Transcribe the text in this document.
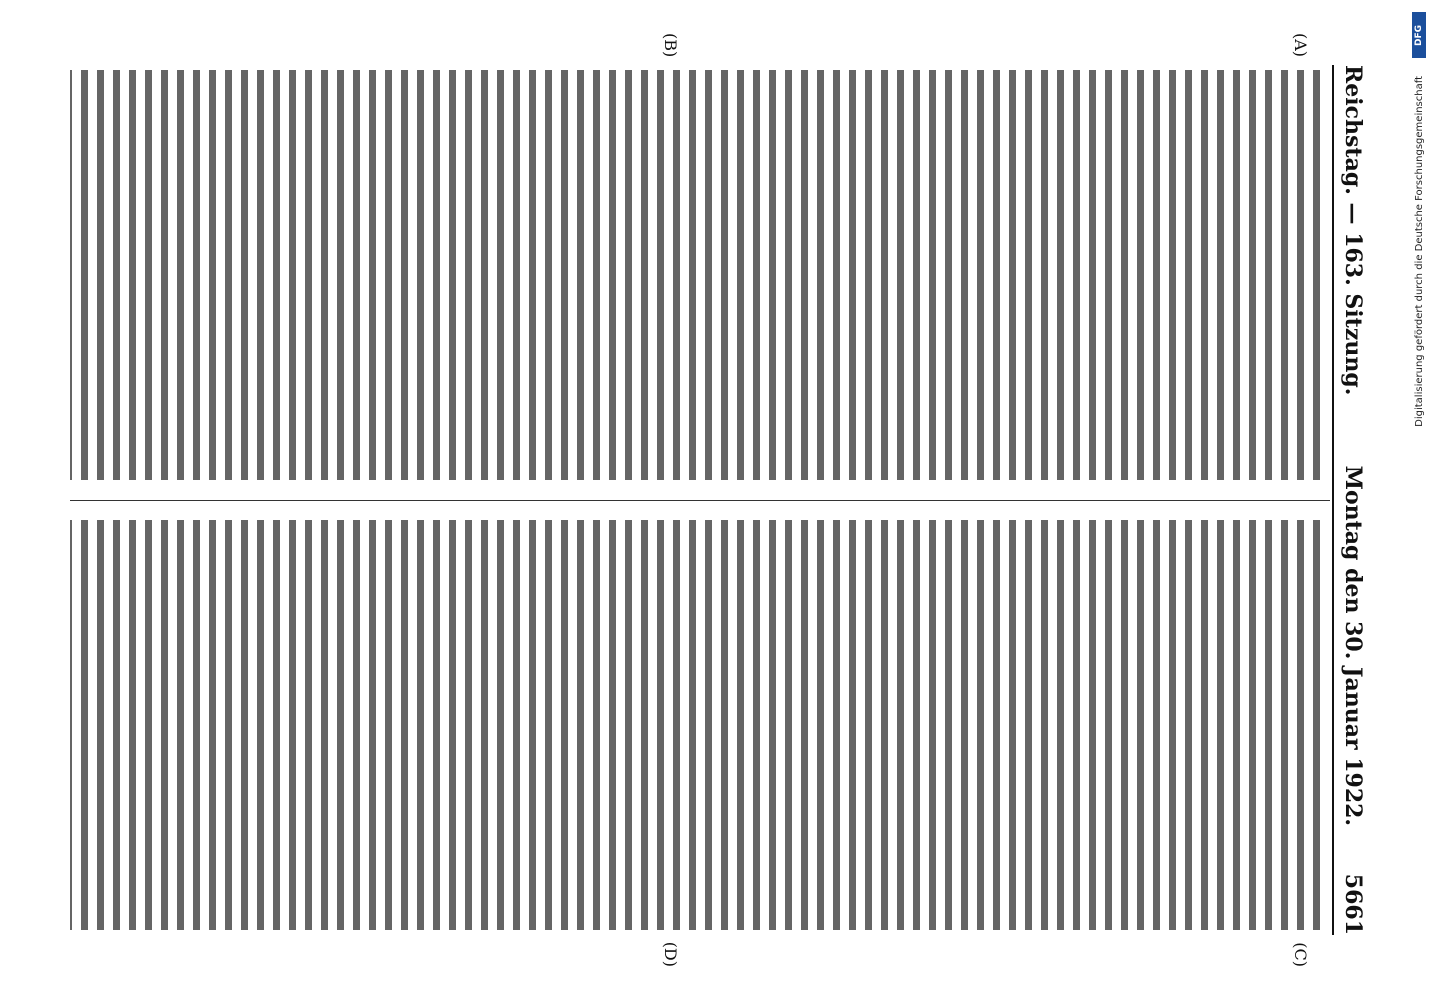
Reichstag. — 163. Sitzung.
Montag den 30. Januar 1922. 5661
(A)
(B)
(C)
(D)
DFG
Digitalisierung gefördert durch die Deutsche Forschungsgemeinschaft
